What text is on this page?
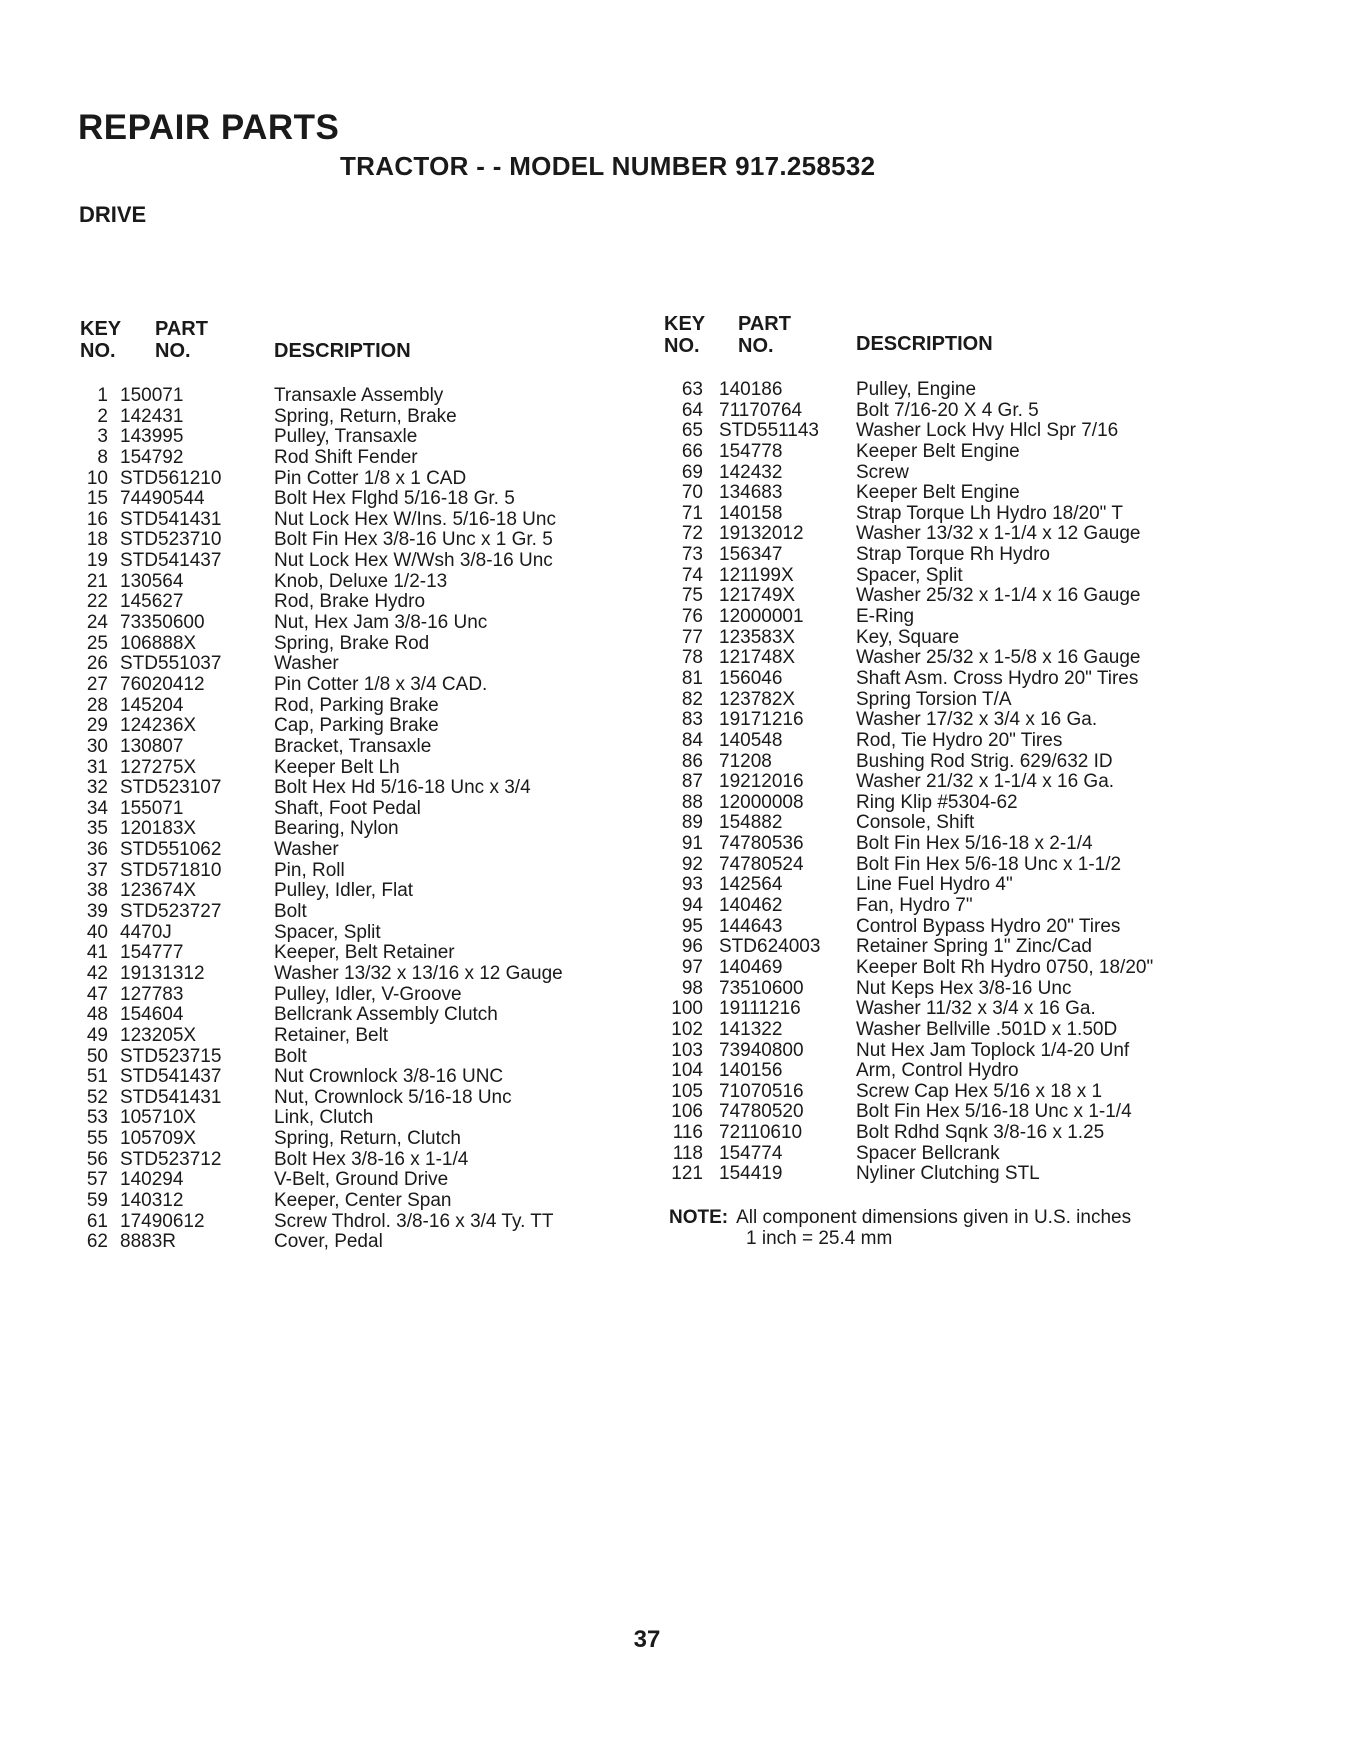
REPAIR PARTS
TRACTOR - - MODEL NUMBER 917.258532
DRIVE
KEY
NO.
PART
NO.	DESCRIPTION
KEY
NO.
PART
NO.	DESCRIPTION
1 150071	Transaxle Assembly
2 142431	Spring, Return, Brake
3 143995	Pulley, Transaxle
8 154792	Rod Shift Fender
10 STD561210	Pin Cotter 1/8 x 1 CAD
15 74490544	Bolt Hex Flghd 5/16-18 Gr. 5
16 STD541431	Nut Lock Hex W/Ins. 5/16-18 Unc
18 STD523710	Bolt Fin Hex 3/8-16 Unc x 1 Gr. 5
19 STD541437	Nut Lock Hex W/Wsh 3/8-16 Unc
21 130564	Knob, Deluxe 1/2-13
22 145627	Rod, Brake Hydro
24 73350600	Nut, Hex Jam 3/8-16 Unc
25 106888X	Spring, Brake Rod
26 STD551037	Washer
27 76020412	Pin Cotter 1/8 x 3/4 CAD.
28 145204	Rod, Parking Brake
29 124236X	Cap, Parking Brake
30 130807	Bracket, Transaxle
31 127275X	Keeper Belt Lh
32 STD523107	Bolt Hex Hd 5/16-18 Unc x 3/4
34 155071	Shaft, Foot Pedal
35 120183X	Bearing, Nylon
36 STD551062	Washer
37 STD571810	Pin, Roll
38 123674X	Pulley, Idler, Flat
39 STD523727	Bolt
40 4470J	Spacer, Split
41 154777	Keeper, Belt Retainer
42 19131312	Washer 13/32 x 13/16 x 12 Gauge
47 127783	Pulley, Idler, V-Groove
48 154604	Bellcrank Assembly Clutch
49 123205X	Retainer, Belt
50 STD523715	Bolt
51 STD541437	Nut Crownlock 3/8-16 UNC
52 STD541431	Nut, Crownlock 5/16-18 Unc
53 105710X	Link, Clutch
55 105709X	Spring, Return, Clutch
56 STD523712	Bolt Hex 3/8-16 x 1-1/4
57 140294	V-Belt, Ground Drive
59 140312	Keeper, Center Span
61 17490612	Screw Thdrol. 3/8-16 x 3/4 Ty. TT
62 8883R	Cover, Pedal
63 140186	Pulley, Engine
64 71170764	Bolt 7/16-20 X 4 Gr. 5
65 STD551143 Washer Lock Hvy Hlcl Spr 7/16
66 154778	Keeper Belt Engine
69 142432	Screw
70 134683	Keeper Belt Engine
71 140158	Strap Torque Lh Hydro 18/20" T
72 19132012	Washer 13/32 x 1-1/4 x 12 Gauge
73 156347	Strap Torque Rh Hydro
74 121199X	Spacer, Split
75 121749X	Washer 25/32 x 1-1/4 x 16 Gauge
76 12000001	E-Ring
77 123583X	Key, Square
78 121748X	Washer 25/32 x 1-5/8 x 16 Gauge
81 156046	Shaft Asm. Cross Hydro 20" Tires
82 123782X	Spring Torsion T/A
83 19171216	Washer 17/32 x 3/4 x 16 Ga.
84 140548	Rod, Tie Hydro 20" Tires
86 71208	Bushing Rod Strig. 629/632 ID
87 19212016	Washer 21/32 x 1-1/4 x 16 Ga.
88 12000008	Ring Klip #5304-62
89 154882	Console, Shift
91 74780536	Bolt Fin Hex 5/16-18 x 2-1/4
92 74780524	Bolt Fin Hex 5/6-18 Unc x 1-1/2
93 142564	Line Fuel Hydro 4"
94 140462	Fan, Hydro 7"
95 144643	Control Bypass Hydro 20" Tires
96 STD624003 Retainer Spring 1" Zinc/Cad
97 140469	Keeper Bolt Rh Hydro 0750, 18/20"
98 73510600	Nut Keps Hex 3/8-16 Unc
100 19111216	Washer 11/32 x 3/4 x 16 Ga.
102 141322	Washer Bellville .501D x 1.50D
103 73940800	Nut Hex Jam Toplock 1/4-20 Unf
104 140156	Arm, Control Hydro
105 71070516	Screw Cap Hex 5/16 x 18 x 1
106 74780520	Bolt Fin Hex 5/16-18 Unc x 1-1/4
116 72110610	Bolt Rdhd Sqnk 3/8-16 x 1.25
118 154774	Spacer Bellcrank
121 154419	Nyliner Clutching STL
NOTE: All component dimensions given in U.S. inches
1 inch = 25.4 mm
37
